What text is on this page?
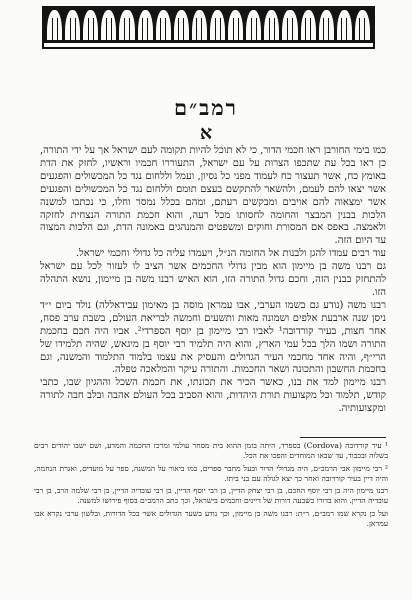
רמב״ם
א

כמו בימי החורבן ראו חכמי הדור, כי לא תוכל להיות תקומה לעם ישראל אך על ידי התורה, כן ראו בכל עת שתכפו הצרות על עם ישראל, התעוררו חכמיו וראשיו, לחזק את הדת באומץ כח, אשר תעצור כח לעמוד מפני כל נסיון, ועמל וללחום נגד כל המכשולים והפגעים אשר יצאו להם לעמם, ולהשאר להתקשם בעצם תומם וללחום נגד כל המכשולים והפגעים אשר ימצאוה להם אויבים ומבקשים רעתם, ומהם בכלל נמסר וחלו, כי נכתבו למשנה הלכות בבנין המבצר והחומה לחסותו מכל רעה, והוא חכמת התורה הנצחית לחזקה ולאמצה. באפס אם המסורת וחוקים ומשפטים והמנהגים באמונה הדת, וגם הלכות המצוה עד היום הזה.

עוד רבים עמדו להגן ולבנות אל החומה הנ״ל, ויעמדו עליה כל גדולי וחכמי ישראל.

גם רבנו משה בן מיימון הוא מבין גדולי החכמים אשר הציב לו לעזור לכל עם ישראל להתחזק בבנין הזה, וחכם גדול התורה הזו, הוא האיש רבנו משה בן מיימון, נושא התהלה הזו.

רבנו משה (נודע גם בשמו הערבי, אבו עמראן מוסה בן מאימון עבידאללה) נולד ביום י״ד ניסן שנה ארבעת אלפים ושמונה מאות ותשעים וחמשה לבריאת העולם, בשבת ערב פסח, אחר חצות, בעיר קורדובה¹ לאביו רבי מיימון בן יוסף הספרדי². אביו היה חכם בחכמת התורה ושמו הלך בכל עמי הארץ, והוא היה תלמיד רבי יוסף בן מיגאש, שהיה תלמידו של הרי״ף, והיה אחד מחכמי העיר הגדולים והעסיק את עצמו בלמוד התלמוד והמשנה, וגם בחכמת החשבון והתכונה ושאר החכמות. והתורה עיקר והמלאכה טפלה.

רבנו מיימון למד את בנו, כאשר הכיר את תכונתו, את חכמת השכל וההגיון שבו, כתבי קודש, תלמוד וכל מקצועות תורת היהדות, והוא הסביב בכל העולם אהבה ובלב חבה לתורה ומקצועותיה.

¹ עיר קורדובה (Cordova) בספרד, היתה בזמן ההוא בית מסחר עולמי ומרכז החכמה והמדע, ושם ישבו יהודים רבים בשלוה ובכבוד, עד שבאו המוחדים והפכו את הכל.

² רבי מיימון אבי הרמב״ם, היה מגדולי הדור ובעל מחבר ספרים, כמו ביאור על המשנה, ספר על מועדים, ואגרת הנחמה, והיה דיין בעיר קורדובה ואחר כך יצא לגולה עם בני ביתו.

רבנו מיימון היה בן רבי יוסף החכם, בן רבי יצחק הדיין, בן רבי יוסף הדיין, בן רבי עובדיה הדיין, בן רבי שלמה הרב, בן רבי עובדיה הדיין. והוא בדורו כשבעה דורות של דיינים וחכמים בישראל, וכך כתב הרמב״ם בסוף פירושו למשנה.

ועל כן נקרא שמו רמב״ם, ר״ת: רבנו משה בן מיימון, וכך נודע בשער הגדולים אשר בכל הדורות, ובלשון ערבי נקרא אבו עמראן.
